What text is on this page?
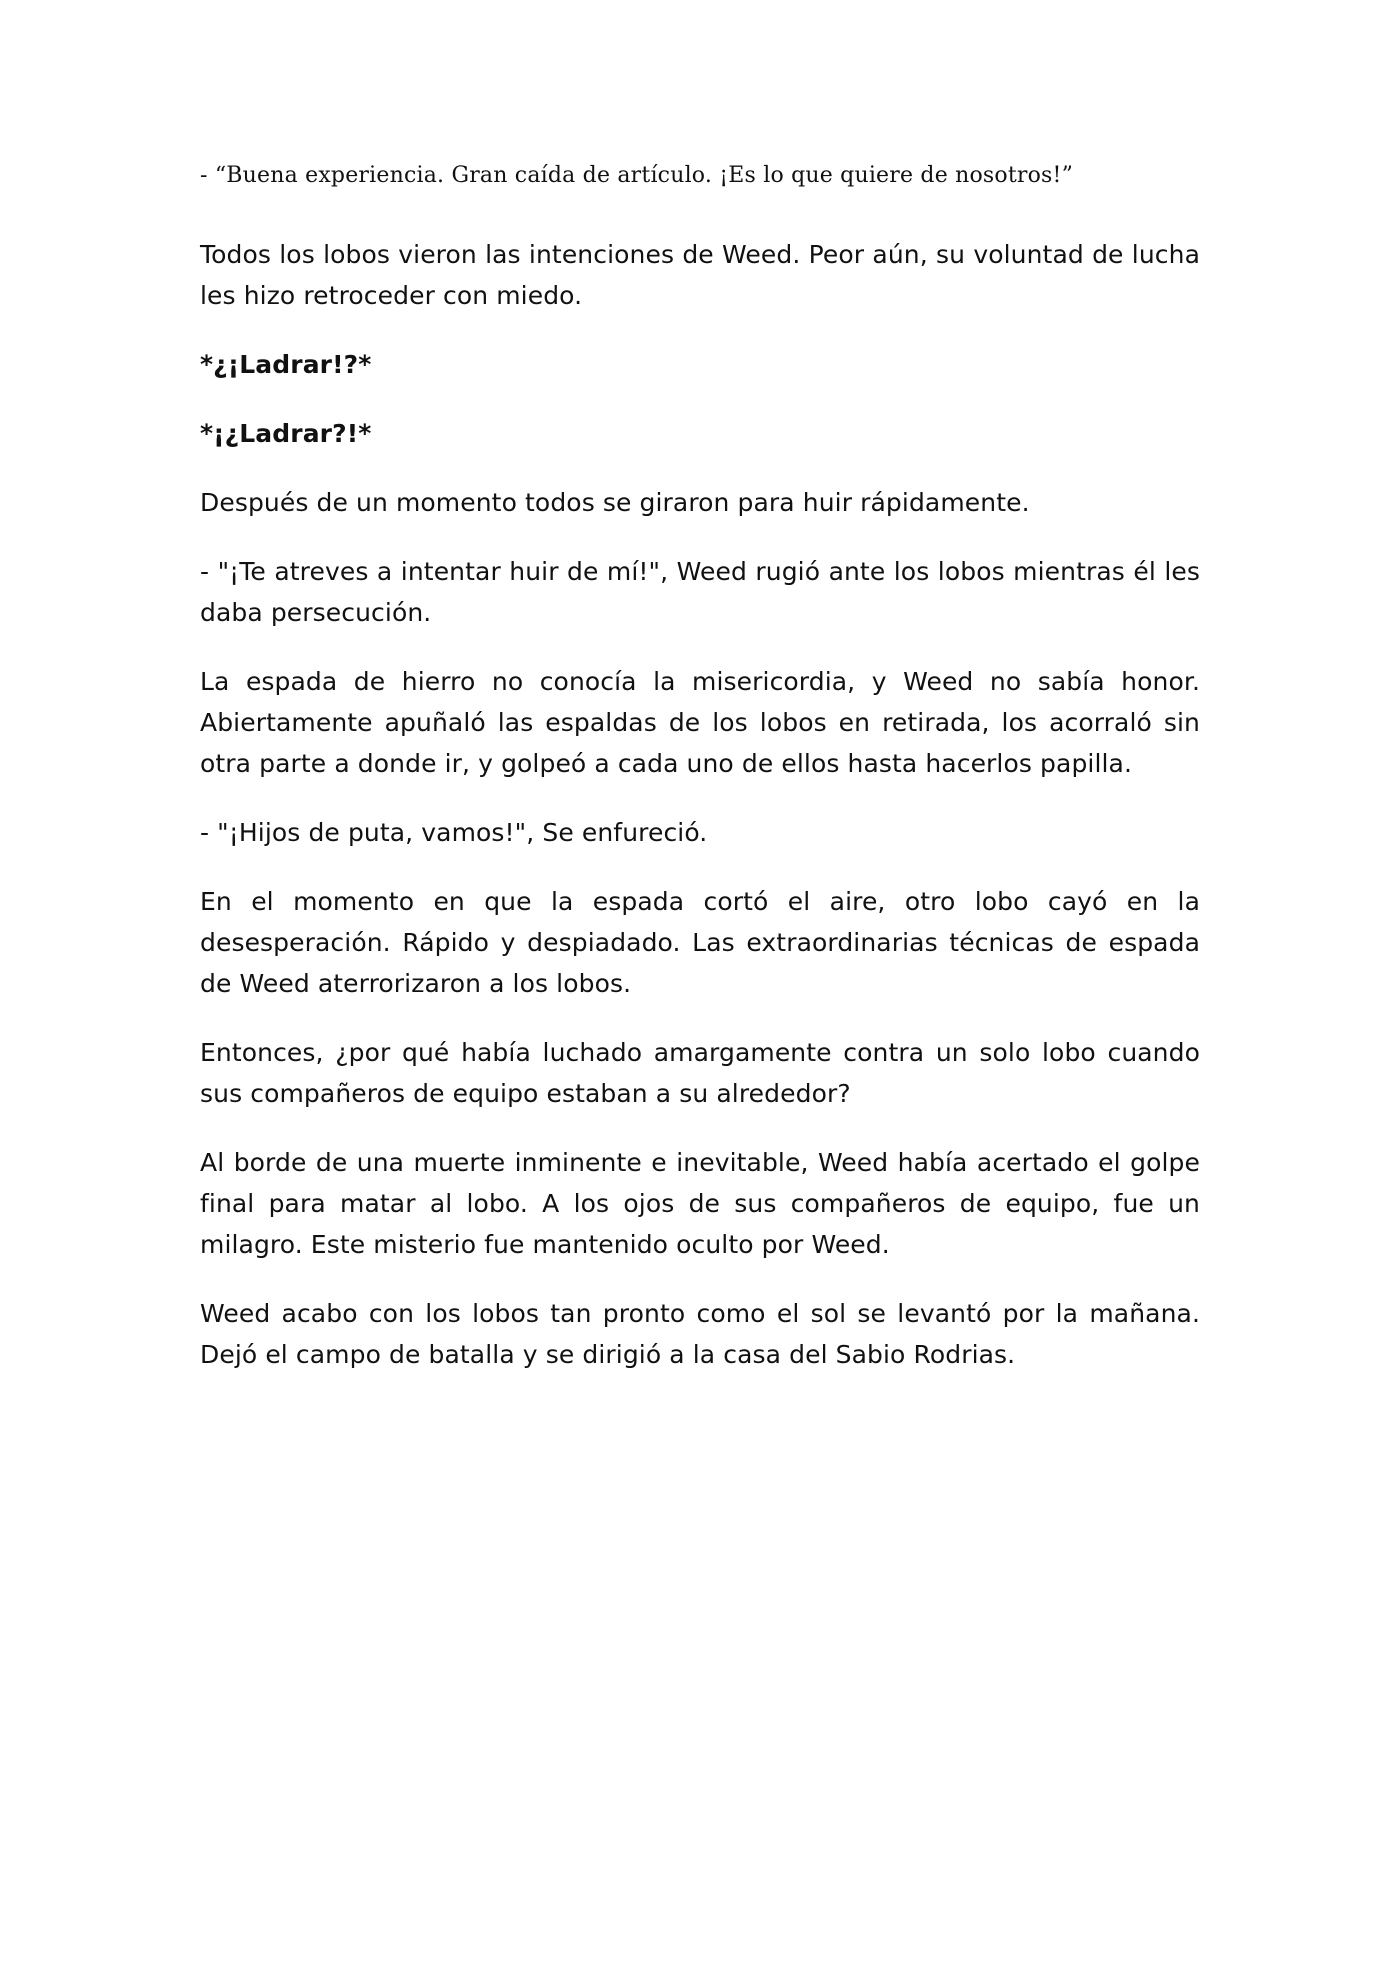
- “Buena experiencia. Gran caída de artículo. ¡Es lo que quiere de nosotros!”

Todos los lobos vieron las intenciones de Weed. Peor aún, su voluntad de lucha les hizo retroceder con miedo.

*¿¡Ladrar!?*

*¡¿Ladrar?!*

Después de un momento todos se giraron para huir rápidamente.

- "¡Te atreves a intentar huir de mí!", Weed rugió ante los lobos mientras él les daba persecución.

La espada de hierro no conocía la misericordia, y Weed no sabía honor. Abiertamente apuñaló las espaldas de los lobos en retirada, los acorraló sin otra parte a donde ir, y golpeó a cada uno de ellos hasta hacerlos papilla.

- "¡Hijos de puta, vamos!", Se enfureció.

En el momento en que la espada cortó el aire, otro lobo cayó en la desesperación. Rápido y despiadado. Las extraordinarias técnicas de espada de Weed aterrorizaron a los lobos.

Entonces, ¿por qué había luchado amargamente contra un solo lobo cuando sus compañeros de equipo estaban a su alrededor?

Al borde de una muerte inminente e inevitable, Weed había acertado el golpe final para matar al lobo. A los ojos de sus compañeros de equipo, fue un milagro. Este misterio fue mantenido oculto por Weed.

Weed acabo con los lobos tan pronto como el sol se levantó por la mañana. Dejó el campo de batalla y se dirigió a la casa del Sabio Rodrias.
